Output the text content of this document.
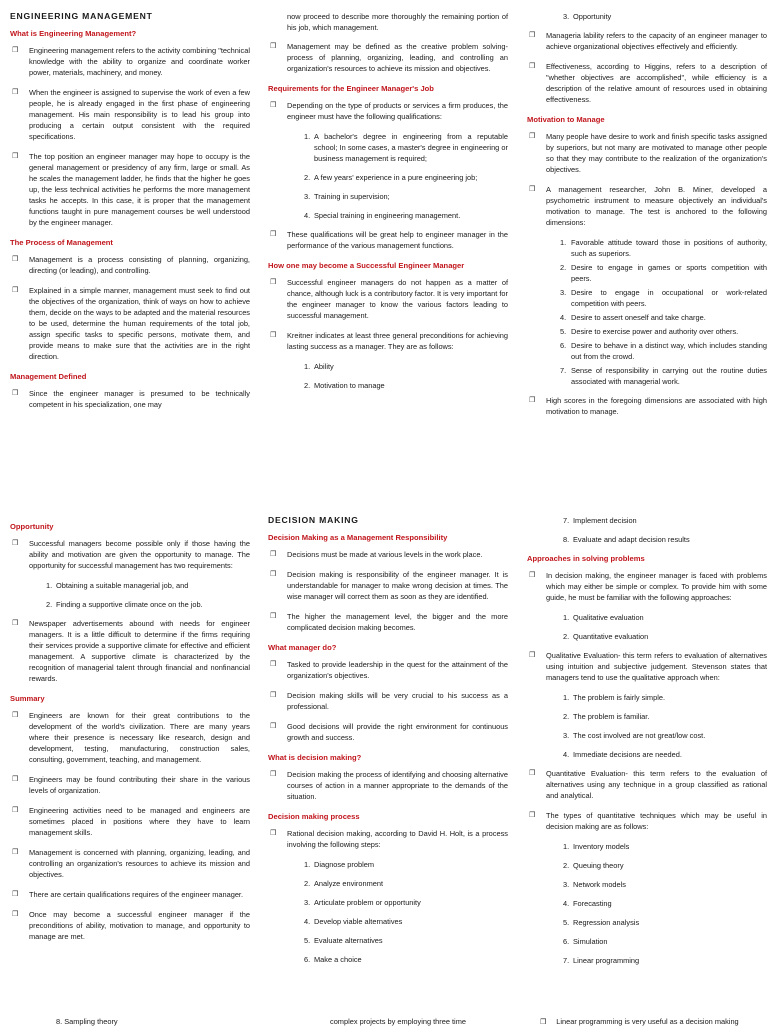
ENGINEERING MANAGEMENT
What is Engineering Management?
❒ Engineering management refers to the activity combining "technical knowledge with the ability to organize and coordinate worker power, materials, machinery, and money.
❒ When the engineer is assigned to supervise the work of even a few people, he is already engaged in the first phase of engineering management. His main responsibility is to lead his group into producing a certain output consistent with the required specifications.
❒ The top position an engineer manager may hope to occupy is the general management or presidency of any firm, large or small. As he scales the management ladder, he finds that the higher he goes up, the less technical activities he performs the more management tasks he accepts. In this case, it is proper that the management functions taught in pure management courses be well understood by the engineer manager.
The Process of Management
❒ Management is a process consisting of planning, organizing, directing (or leading), and controlling.
❒ Explained in a simple manner, management must seek to find out the objectives of the organization, think of ways on how to achieve them, decide on the ways to be adapted and the material resources to be used, determine the human requirements of the total job, assign specific tasks to specific persons, motivate them, and provide means to make sure that the activities are in the right direction.
Management Defined
❒ Since the engineer manager is presumed to be technically competent in his specialization, one may
now proceed to describe more thoroughly the remaining portion of his job, which management.
❒ Management may be defined as the creative problem solving-process of planning, organizing, leading, and controlling an organization's resources to achieve its mission and objectives.
Requirements for the Engineer Manager's Job
❒ Depending on the type of products or services a firm produces, the engineer must have the following qualifications:
1. A bachelor's degree in engineering from a reputable school; In some cases, a master's degree in engineering or business management is required;
2. A few years' experience in a pure engineering job;
3. Training in supervision;
4. Special training in engineering management.
❒ These qualifications will be great help to engineer manager in the performance of the various management functions.
How one may become a Successful Engineer Manager
❒ Successful engineer managers do not happen as a matter of chance, although luck is a contributory factor. It is very important for the engineer manager to know the various factors leading to successful management.
❒ Kreitner indicates at least three general preconditions for achieving lasting success as a manager. They are as follows:
1. Ability
2. Motivation to manage
3. Opportunity
❒ Manageria lability refers to the capacity of an engineer manager to achieve organizational objectives effectively and efficiently.
❒ Effectiveness, according to Higgins, refers to a description of "whether objectives are accomplished", while efficiency is a description of the relative amount of resources used in obtaining effectiveness.
Motivation to Manage
❒ Many people have desire to work and finish specific tasks assigned by superiors, but not many are motivated to manage other people so that they may contribute to the realization of the organization's objectives.
❒ A management researcher, John B. Miner, developed a psychometric instrument to measure objectively an individual's motivation to manage. The test is anchored to the following dimensions:
1. Favorable attitude toward those in positions of authority, such as superiors.
2. Desire to engage in games or sports competition with peers.
3. Desire to engage in occupational or work-related competition with peers.
4. Desire to assert oneself and take charge.
5. Desire to exercise power and authority over others.
6. Desire to behave in a distinct way, which includes standing out from the crowd.
7. Sense of responsibility in carrying out the routine duties associated with managerial work.
❒ High scores in the foregoing dimensions are associated with high motivation to manage.
Opportunity
❒ Successful managers become possible only if those having the ability and motivation are given the opportunity to manage. The opportunity for successful management has two requirements:
1. Obtaining a suitable managerial job, and
2. Finding a supportive climate once on the job.
❒ Newspaper advertisements abound with needs for engineer managers. It is a little difficult to determine if the firms requiring their services provide a supportive climate for effective and efficient management. A supportive climate is characterized by the recognition of managerial talent through financial and nonfinancial rewards.
Summary
❒ Engineers are known for their great contributions to the development of the world's civilization. There are many years where their presence is necessary like research, design and development, testing, manufacturing, construction sales, consulting, government, teaching, and management.
❒ Engineers may be found contributing their share in the various levels of organization.
❒ Engineering activities need to be managed and engineers are sometimes placed in positions where they have to learn management skills.
❒ Management is concerned with planning, organizing, leading, and controlling an organization's resources to achieve its mission and objectives.
❒ There are certain qualifications requires of the engineer manager.
❒ Once may become a successful engineer manager if the preconditions of ability, motivation to manage, and opportunity to manage are met.
DECISION MAKING
Decision Making as a Management Responsibility
❒ Decisions must be made at various levels in the work place.
❒ Decision making is responsibility of the engineer manager. It is understandable for manager to make wrong decision at times. The wise manager will correct them as soon as they are identified.
❒ The higher the management level, the bigger and the more complicated decision making becomes.
What manager do?
❒ Tasked to provide leadership in the quest for the attainment of the organization's objectives.
❒ Decision making skills will be very crucial to his success as a professional.
❒ Good decisions will provide the right environment for continuous growth and success.
What is decision making?
❒ Decision making the process of identifying and choosing alternative courses of action in a manner appropriate to the demands of the situation.
Decision making process
❒ Rational decision making, according to David H. Holt, is a process involving the following steps:
1. Diagnose problem
2. Analyze environment
3. Articulate problem or opportunity
4. Develop viable alternatives
5. Evaluate alternatives
6. Make a choice
7. Implement decision
8. Evaluate and adapt decision results
Approaches in solving problems
❒ In decision making, the engineer manager is faced with problems which may either be simple or complex. To provide him with some guide, he must be familiar with the following approaches:
1. Qualitative evaluation
2. Quantitative evaluation
❒ Qualitative Evaluation- this term refers to evaluation of alternatives using intuition and subjective judgement. Stevenson states that managers tend to use the qualitative approach when:
1. The problem is fairly simple.
2. The problem is familiar.
3. The cost involved are not great/low cost.
4. Immediate decisions are needed.
❒ Quantitative Evaluation- this term refers to the evaluation of alternatives using any technique in a group classified as rational and analytical.
❒ The types of quantitative techniques which may be useful in decision making are as follows:
1. Inventory models
2. Queuing theory
3. Network models
4. Forecasting
5. Regression analysis
6. Simulation
7. Linear programming
8. Sampling theory	complex projects by employing three time	❒ Linear programming is very useful as a decision making
